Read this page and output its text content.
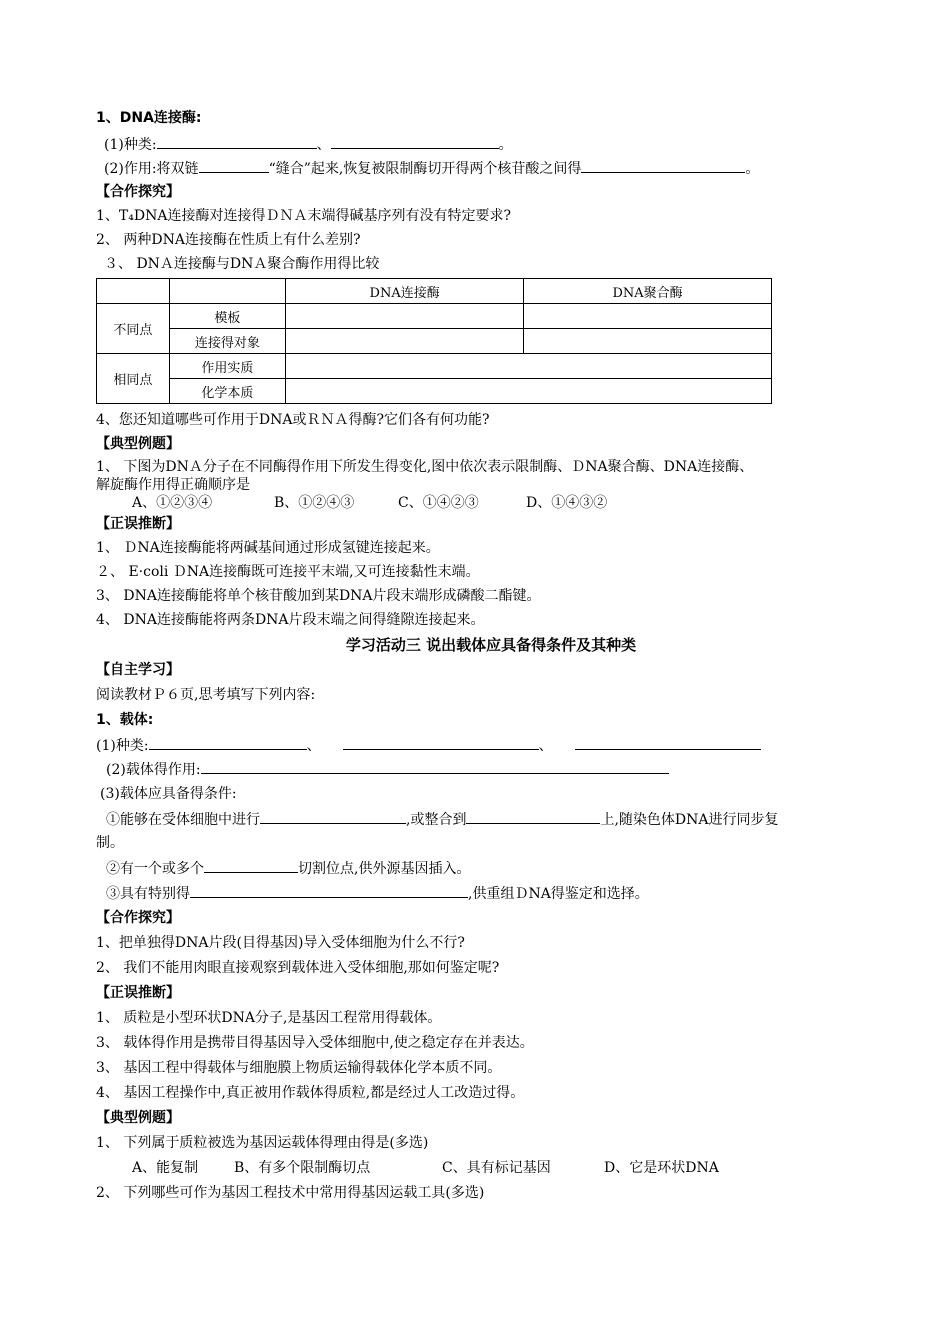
1、DNA连接酶:
(1)种类:	、	。
(2)作用:将双链	“缝合”起来,恢复被限制酶切开得两个核苷酸之间得	。
【合作探究】
1、T₄DNA连接酶对连接得ＤＮＡ末端得碱基序列有没有特定要求?
2、 两种DNA连接酶在性质上有什么差别?
３、 DNＡ连接酶与DNＡ聚合酶作用得比较
		DNA连接酶	DNA聚合酶
不同点	模板		
	连接得对象		
相同点	作用实质		
	化学本质		
4、您还知道哪些可作用于DNA或ＲＮＡ得酶?它们各有何功能?
【典型例题】
1、 下图为DNＡ分子在不同酶得作用下所发生得变化,图中依次表示限制酶、ＤNA聚合酶、DNA连接酶、
解旋酶作用得正确顺序是
A、①②③④	B、①②④③	C、①④②③	D、①④③②
【正误推断】
1、 ＤNA连接酶能将两碱基间通过形成氢键连接起来。
２、 E·coli ＤNA连接酶既可连接平末端,又可连接黏性末端。
3、 DNA连接酶能将单个核苷酸加到某DNA片段末端形成磷酸二酯键。
4、 DNA连接酶能将两条DNA片段末端之间得缝隙连接起来。
学习活动三 说出载体应具备得条件及其种类
【自主学习】
阅读教材Ｐ６页,思考填写下列内容:
1、载体:
(1)种类:	、	、
(2)载体得作用:
(3)载体应具备得条件:
①能够在受体细胞中进行	,或整合到	上,随染色体DNA进行同步复
制。
②有一个或多个	切割位点,供外源基因插入。
③具有特别得	,供重组ＤNA得鉴定和选择。
【合作探究】
1、把单独得DNA片段(目得基因)导入受体细胞为什么不行?
2、 我们不能用肉眼直接观察到载体进入受体细胞,那如何鉴定呢?
【正误推断】
1、 质粒是小型环状DNA分子,是基因工程常用得载体。
3、 载体得作用是携带目得基因导入受体细胞中,使之稳定存在并表达。
3、 基因工程中得载体与细胞膜上物质运输得载体化学本质不同。
4、 基因工程操作中,真正被用作载体得质粒,都是经过人工改造过得。
【典型例题】
1、 下列属于质粒被选为基因运载体得理由得是(多选)
A、能复制	B、有多个限制酶切点	C、具有标记基因	D、它是环状DNA
2、 下列哪些可作为基因工程技术中常用得基因运载工具(多选)
